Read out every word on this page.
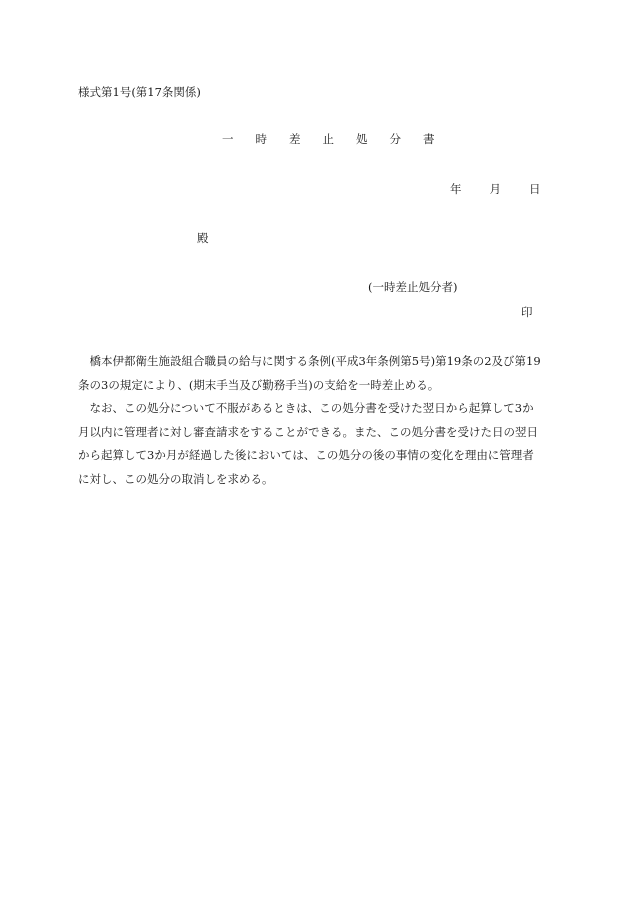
様式第1号(第17条関係)
一 時 差 止 処 分 書
年 月 日
殿
(一時差止処分者)
印

橋本伊都衛生施設組合職員の給与に関する条例(平成3年条例第5号)第19条の2及び第19条の3の規定により、(期末手当及び勤務手当)の支給を一時差止める。

なお、この処分について不服があるときは、この処分書を受けた翌日から起算して3か月以内に管理者に対し審査請求をすることができる。また、この処分書を受けた日の翌日から起算して3か月が経過した後においては、この処分の後の事情の変化を理由に管理者に対し、この処分の取消しを求める。
